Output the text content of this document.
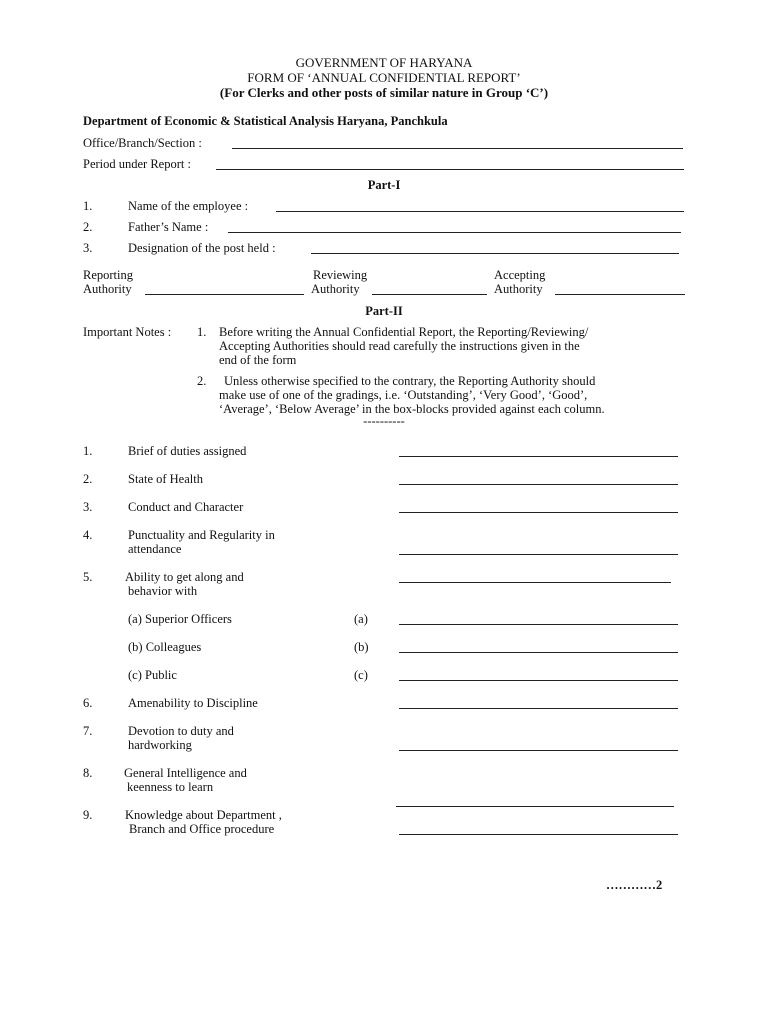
GOVERNMENT OF HARYANA
FORM OF ‘ANNUAL CONFIDENTIAL REPORT’
(For Clerks and other posts of similar nature in Group ‘C’)
Department of Economic & Statistical Analysis Haryana, Panchkula
Office/Branch/Section :
Period under Report :
Part-I
1.	Name of the employee :
2.	Father’s Name :
3.	Designation of the post held :
Reporting
Authority
Reviewing
Authority
Accepting
Authority
Part-II
Important Notes : 1. Before writing the Annual Confidential Report, the Reporting/Reviewing/
Accepting Authorities should read carefully the instructions given in the
end of the form
2. Unless otherwise specified to the contrary, the Reporting Authority should
make use of one of the gradings, i.e. ‘Outstanding’, ‘Very Good’, ‘Good’,
‘Average’, ‘Below Average’ in the box-blocks provided against each column.
----------
1.	Brief of duties assigned
2.	State of Health
3.	Conduct and Character
4.	Punctuality and Regularity in
attendance
5.	Ability to get along and
behavior with
(a) Superior Officers	(a)
(b) Colleagues	(b)
(c) Public	(c)
6.	Amenability to Discipline
7.	Devotion to duty and
hardworking
8.	General Intelligence and
keenness to learn
9.	Knowledge about Department ,
Branch and Office procedure
…………2
